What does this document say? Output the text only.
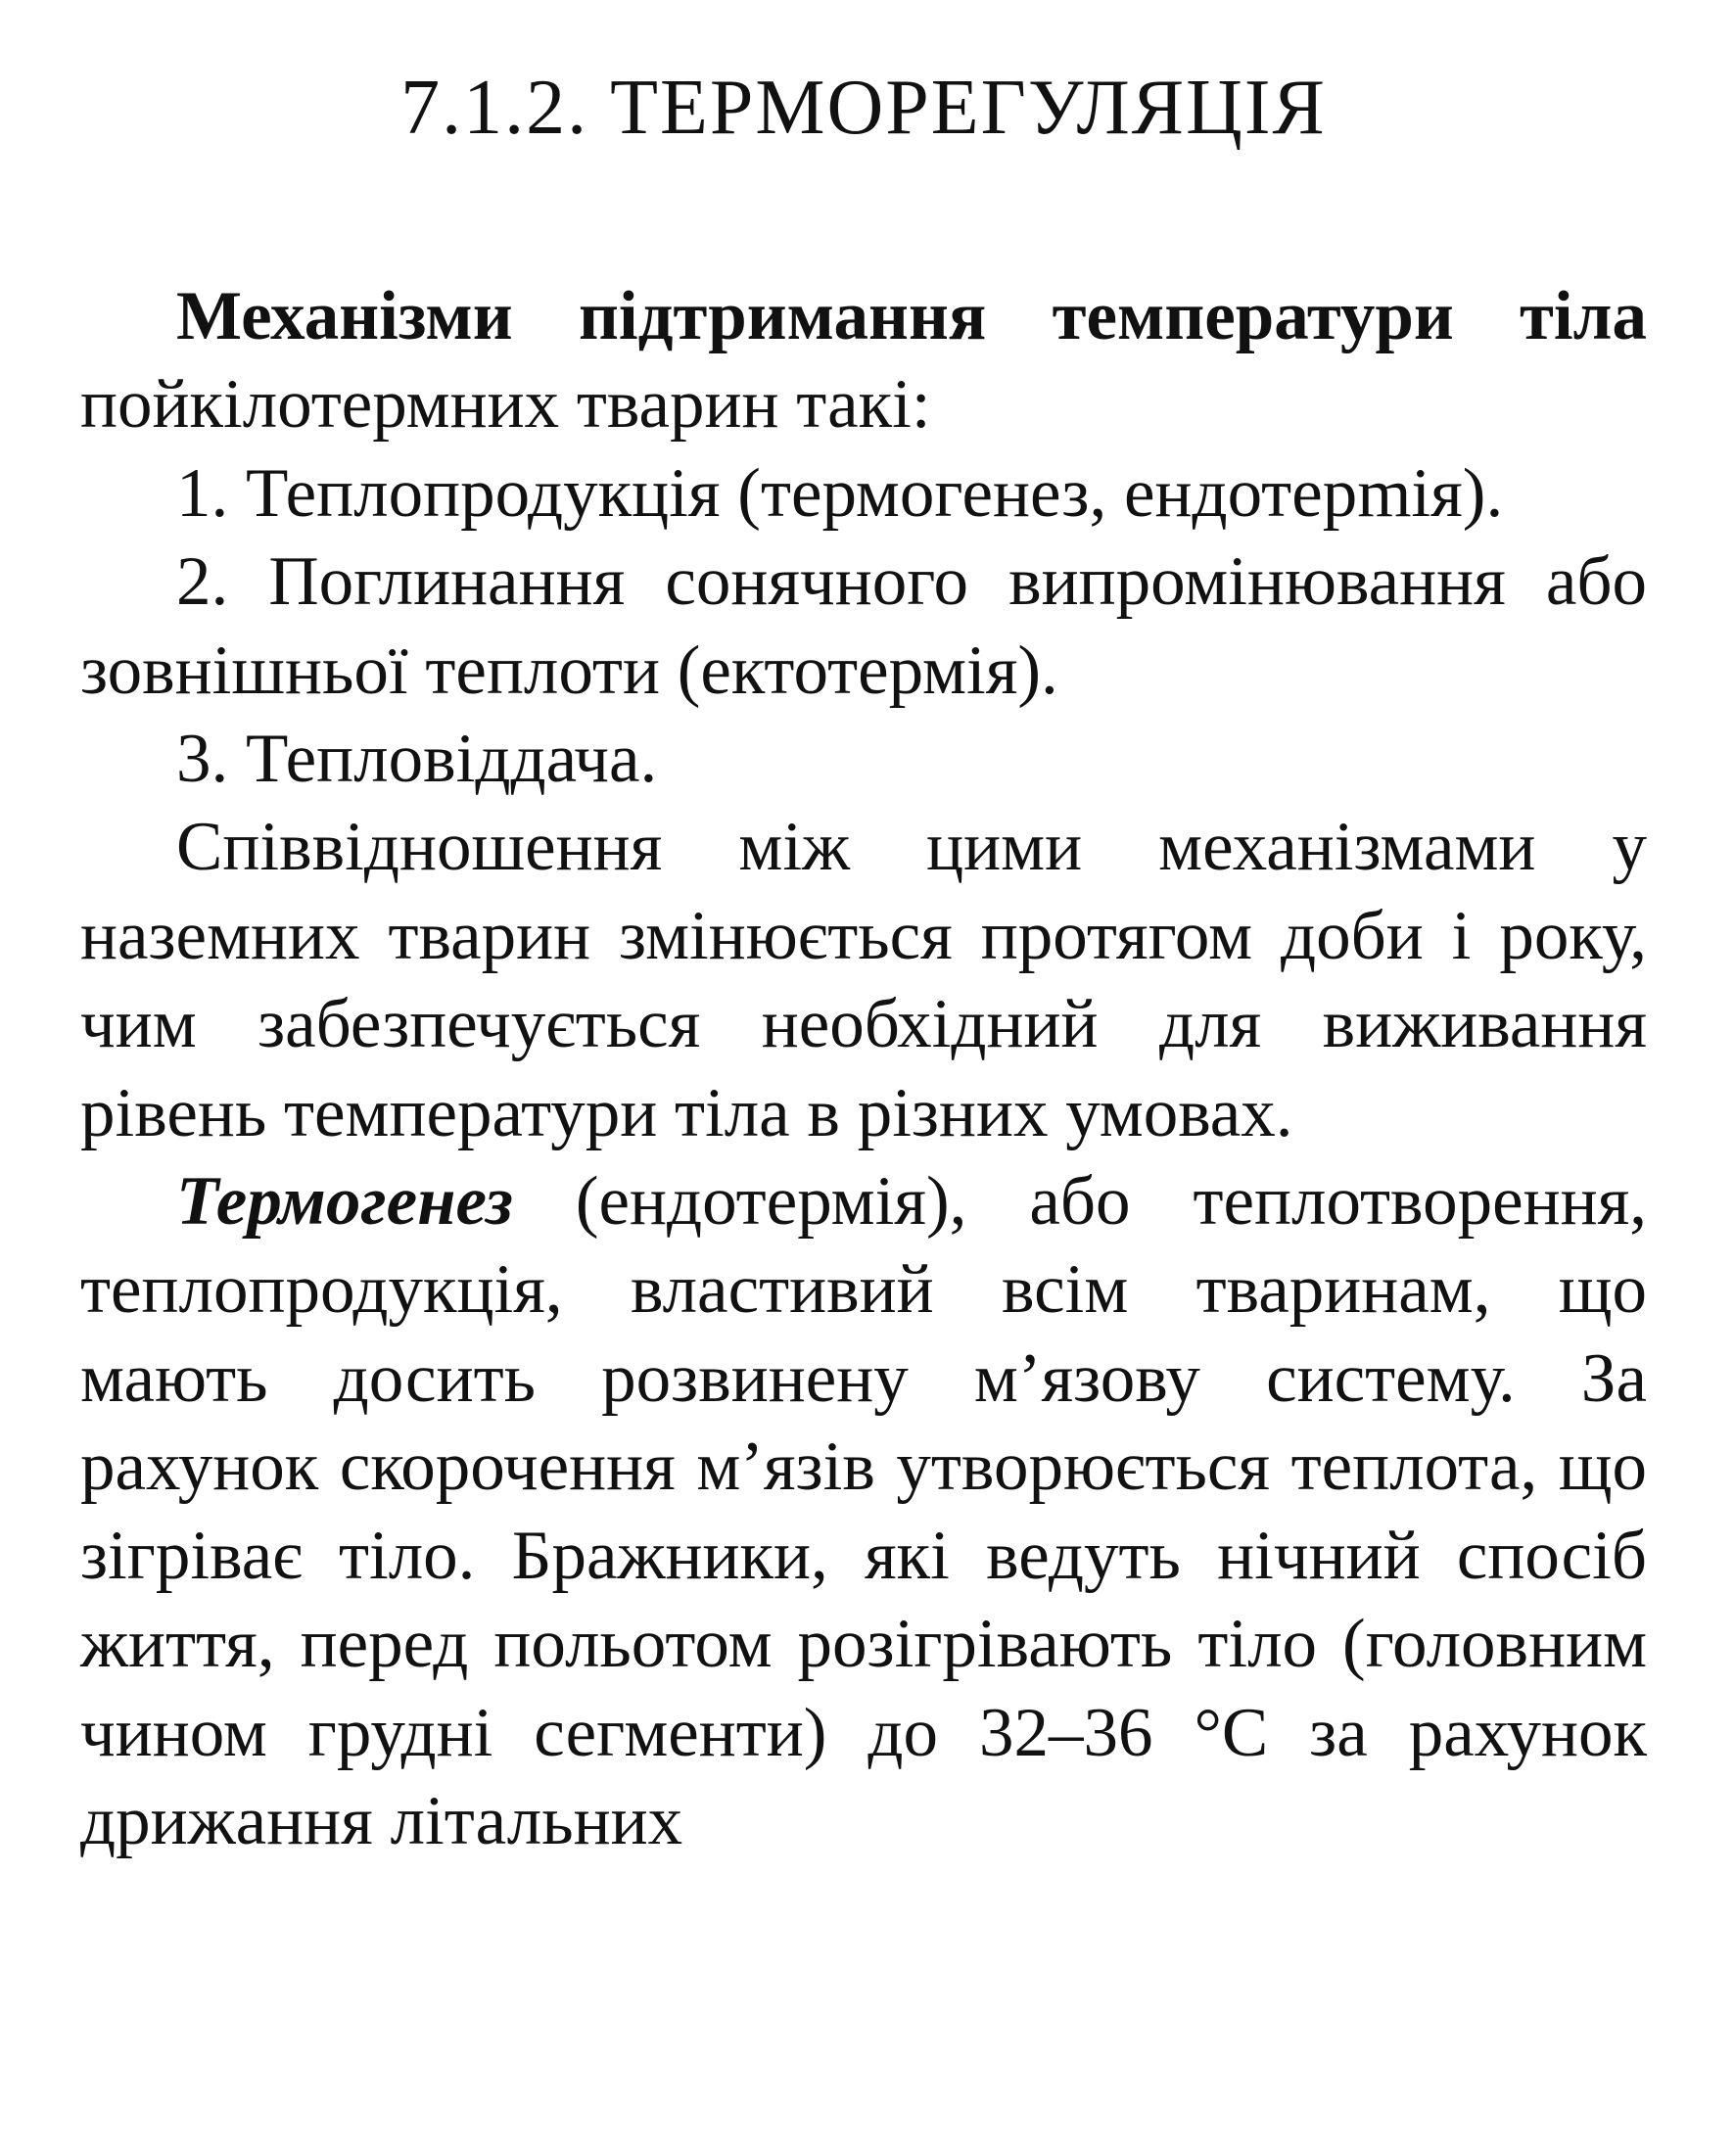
7.1.2. ТЕРМОРЕГУЛЯЦІЯ

Механізми підтримання температури тіла пойкілотермних тварин такі:

1. Теплопродукція (термогенез, ендотерmія).

2. Поглинання сонячного випромінювання або зовнішньої теплоти (ектотермія).

3. Тепловіддача.

Співвідношення між цими механізмами у наземних тварин змінюється протягом доби і року, чим забезпечується необхідний для виживання рівень температури тіла в різних умовах.

Термогенез (ендотермія), або теплотворення, теплопродукція, властивий всім тваринам, що мають досить розвинену м’язову систему. За рахунок скорочення м’язів утворюється теплота, що зігріває тіло. Бражники, які ведуть нічний спосіб життя, перед польотом розігрівають тіло (головним чином грудні сегменти) до 32–36 °С за рахунок дрижання літальних
